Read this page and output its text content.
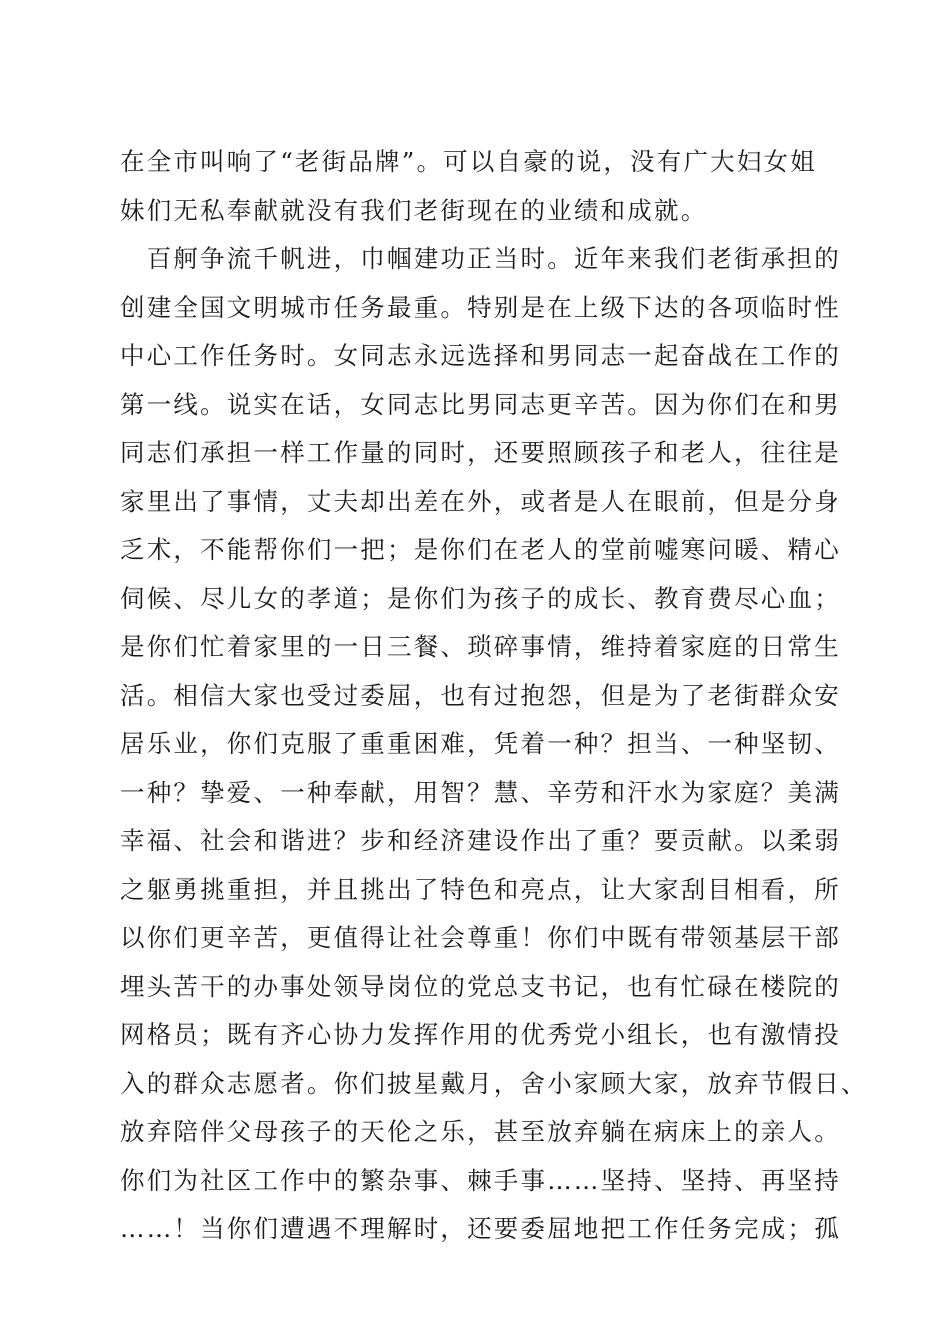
在全市叫响了“老街品牌”。可以自豪的说，没有广大妇女姐
妹们无私奉献就没有我们老街现在的业绩和成就。
　百舸争流千帆进，巾帼建功正当时。近年来我们老街承担的
创建全国文明城市任务最重。特别是在上级下达的各项临时性
中心工作任务时。女同志永远选择和男同志一起奋战在工作的
第一线。说实在话，女同志比男同志更辛苦。因为你们在和男
同志们承担一样工作量的同时，还要照顾孩子和老人，往往是
家里出了事情，丈夫却出差在外，或者是人在眼前，但是分身
乏术，不能帮你们一把；是你们在老人的堂前嘘寒问暖、精心
伺候、尽儿女的孝道；是你们为孩子的成长、教育费尽心血；
是你们忙着家里的一日三餐、琐碎事情，维持着家庭的日常生
活。相信大家也受过委屈，也有过抱怨，但是为了老街群众安
居乐业，你们克服了重重困难，凭着一种？担当、一种坚韧、
一种？挚爱、一种奉献，用智？慧、辛劳和汗水为家庭？美满
幸福、社会和谐进？步和经济建设作出了重？要贡献。以柔弱
之躯勇挑重担，并且挑出了特色和亮点，让大家刮目相看，所
以你们更辛苦，更值得让社会尊重！你们中既有带领基层干部
埋头苦干的办事处领导岗位的党总支书记，也有忙碌在楼院的
网格员；既有齐心协力发挥作用的优秀党小组长，也有激情投
入的群众志愿者。你们披星戴月，舍小家顾大家，放弃节假日、
放弃陪伴父母孩子的天伦之乐，甚至放弃躺在病床上的亲人。
你们为社区工作中的繁杂事、棘手事……坚持、坚持、再坚持
……！当你们遭遇不理解时，还要委屈地把工作任务完成；孤
